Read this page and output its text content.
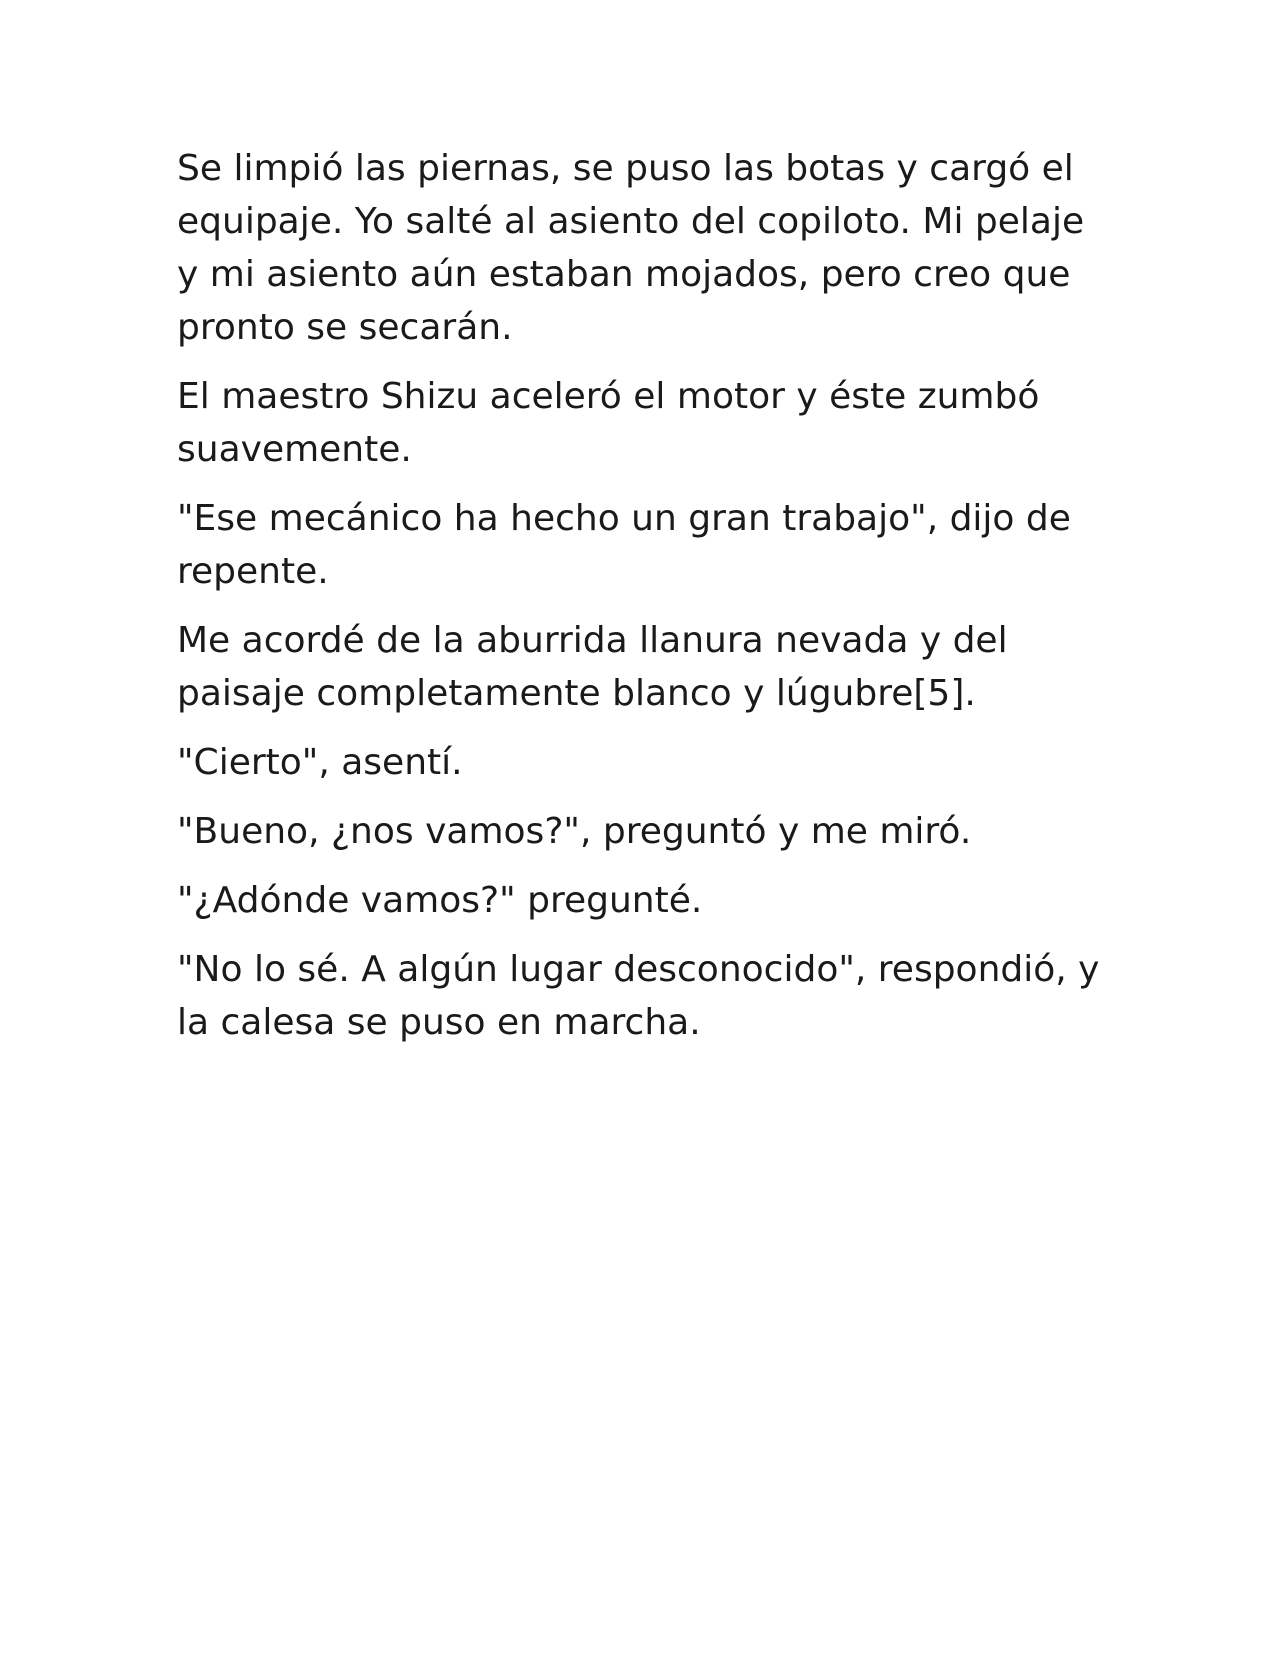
Se limpió las piernas, se puso las botas y cargó el equipaje. Yo salté al asiento del copiloto. Mi pelaje y mi asiento aún estaban mojados, pero creo que pronto se secarán.

El maestro Shizu aceleró el motor y éste zumbó suavemente.

"Ese mecánico ha hecho un gran trabajo", dijo de repente.

Me acordé de la aburrida llanura nevada y del paisaje completamente blanco y lúgubre[5].

"Cierto", asentí.

"Bueno, ¿nos vamos?", preguntó y me miró.

"¿Adónde vamos?" pregunté.

"No lo sé. A algún lugar desconocido", respondió, y la calesa se puso en marcha.
